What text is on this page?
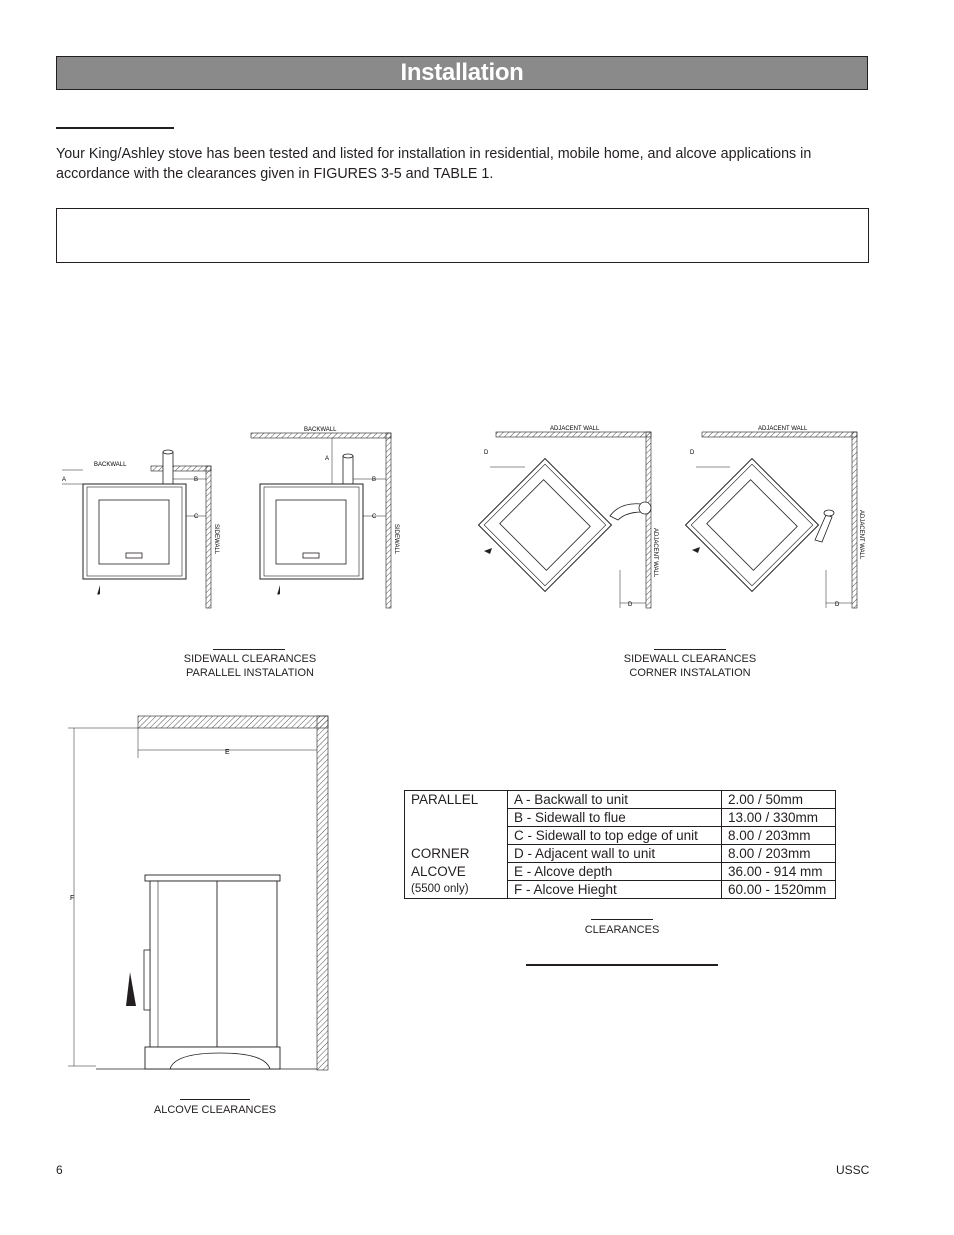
Installation
Your King/Ashley stove has been tested and listed for installation in residential, mobile home, and alcove applications in accordance with the clearances given in FIGURES 3-5 and TABLE 1.
A	B
C
BACKWALL
SIDEWALL
BACKWALL
A
B
C
SIDEWALL
ADJACENT WALL
ADJACENT WALL
D
D
ADJACENT WALL
ADJACENT WALL
D
D
SIDEWALL CLEARANCES
PARALLEL INSTALATION
SIDEWALL CLEARANCES
CORNER INSTALATION
E
F
ALCOVE CLEARANCES
PARALLEL	A - Backwall to unit	2.00 / 50mm
	B - Sidewall to flue	13.00 / 330mm
	C - Sidewall to top edge of unit	8.00 / 203mm
CORNER	D - Adjacent wall to unit	8.00 / 203mm
ALCOVE	E - Alcove depth	36.00 - 914 mm
(5500 only)	F - Alcove Hieght	60.00 - 1520mm
CLEARANCES
6	USSC
